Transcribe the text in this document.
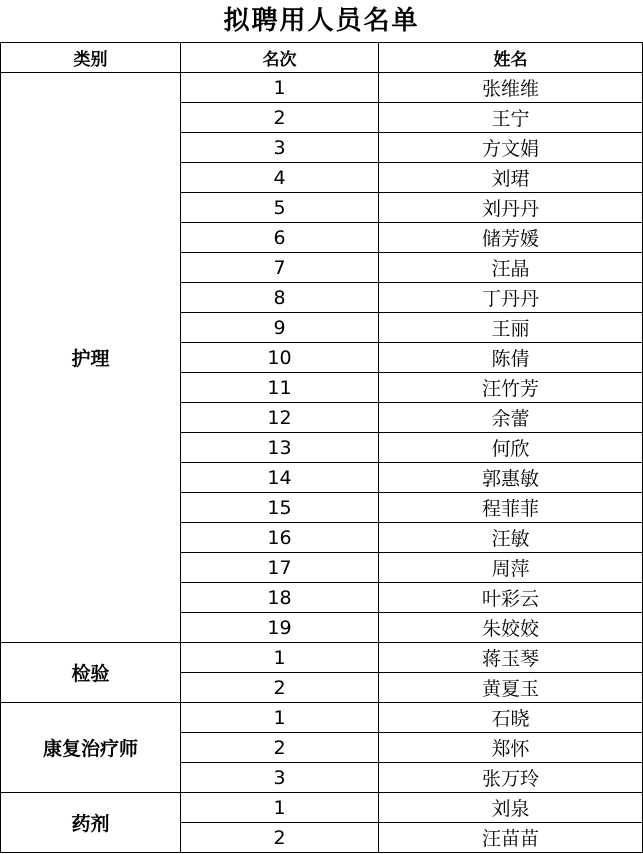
拟聘用人员名单
类别	名次	姓名
护理	1	张维维
	2	王宁
	3	方文娟
	4	刘珺
	5	刘丹丹
	6	储芳媛
	7	汪晶
	8	丁丹丹
	9	王丽
	10	陈倩
	11	汪竹芳
	12	余蕾
	13	何欣
	14	郭惠敏
	15	程菲菲
	16	汪敏
	17	周萍
	18	叶彩云
	19	朱姣姣
检验	1	蒋玉琴
	2	黄夏玉
康复治疗师	1	石晓
	2	郑怀
	3	张万玲
药剂	1	刘泉
	2	汪苗苗
